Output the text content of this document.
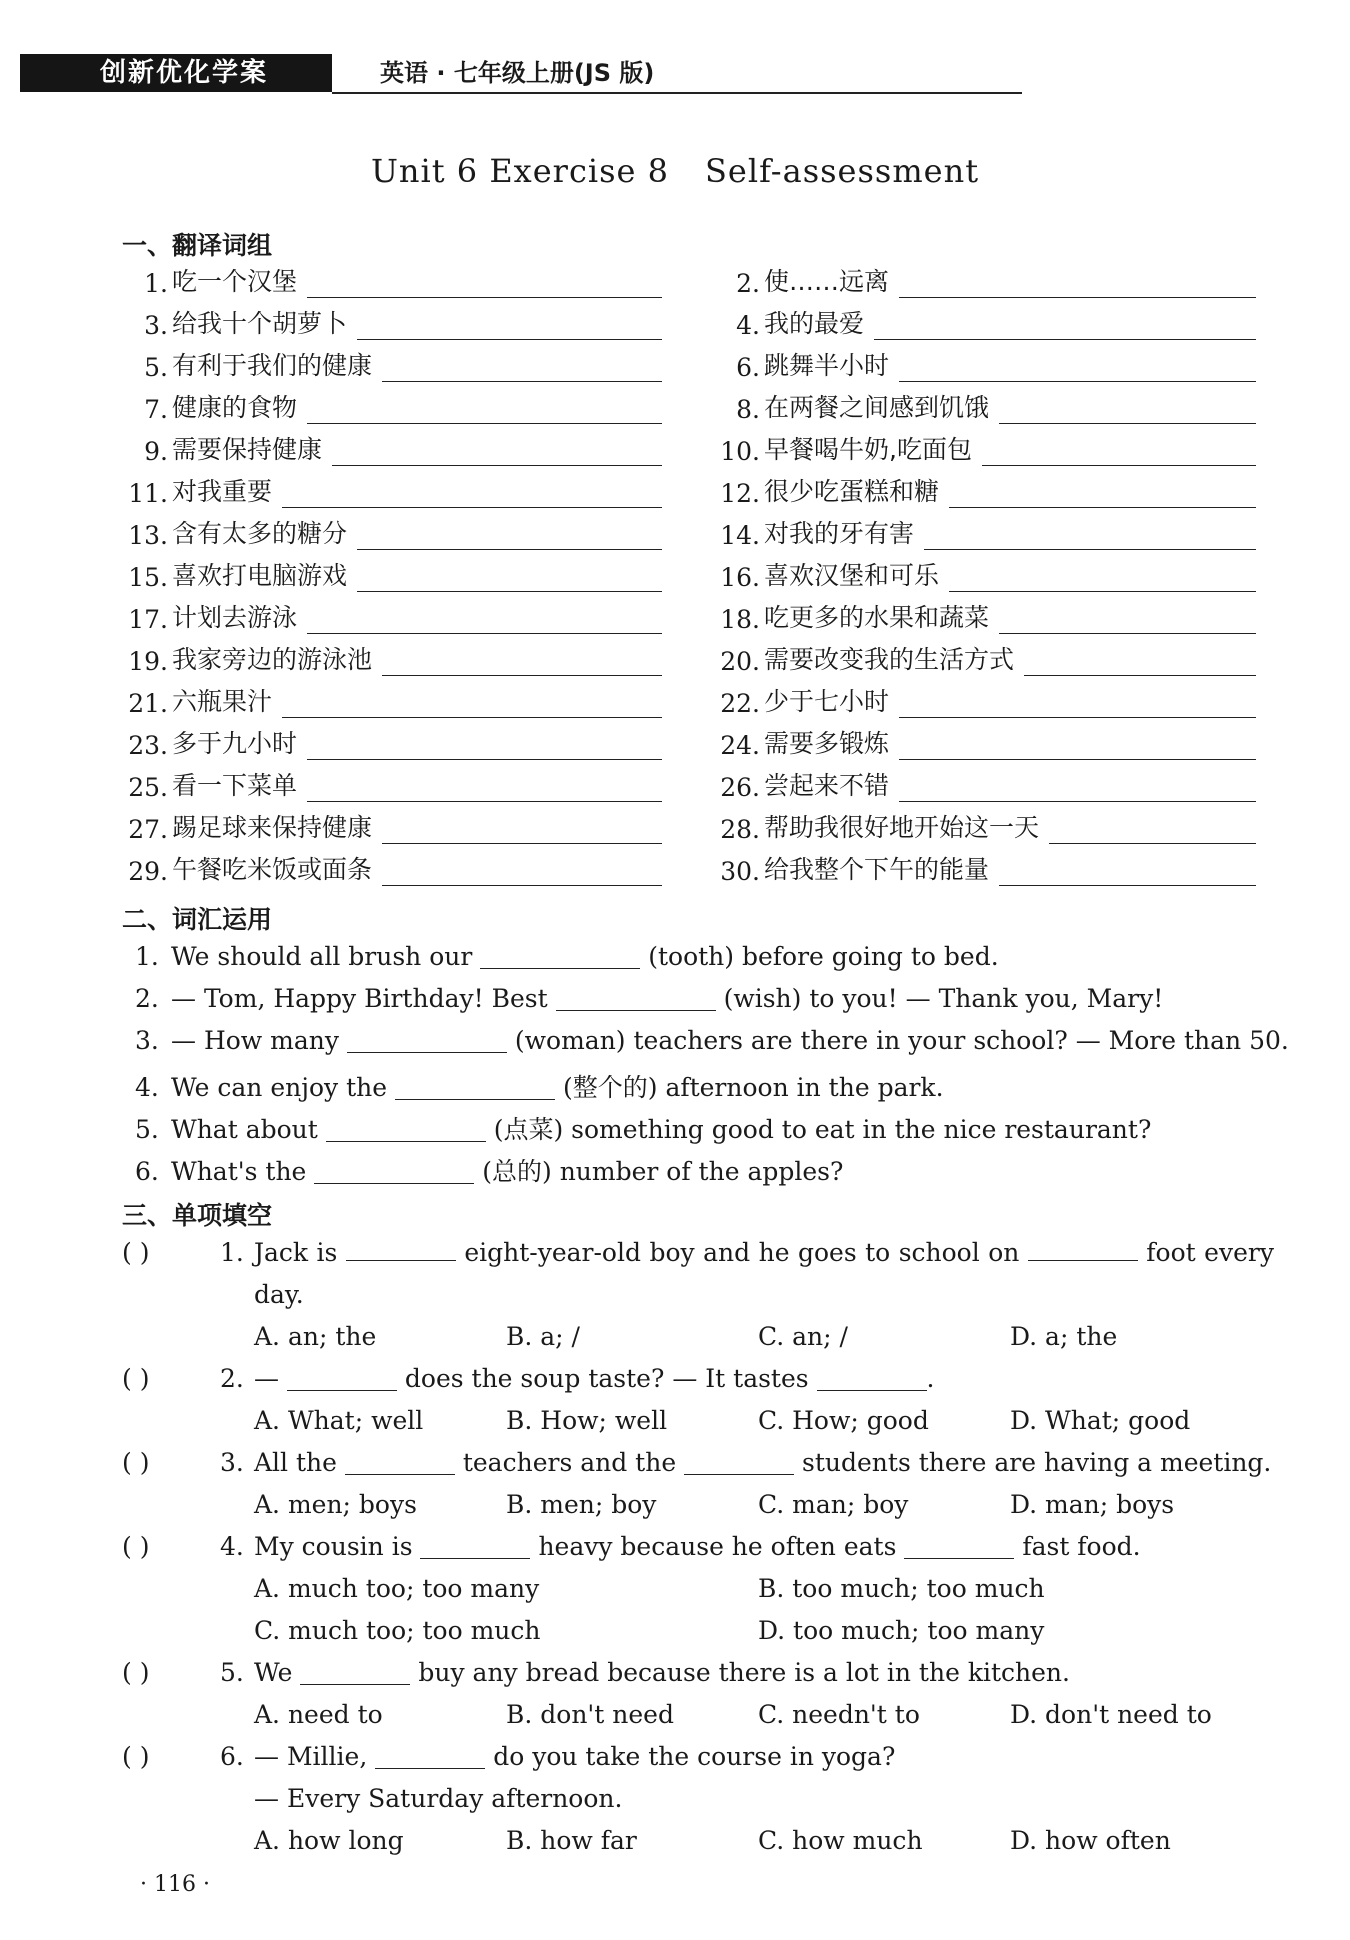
创新优化学案	英语 · 七年级上册(JS 版)
Unit 6 Exercise 8 Self-assessment
一、翻译词组
1. 吃一个汉堡	2. 使……远离
3. 给我十个胡萝卜	4. 我的最爱
5. 有利于我们的健康	6. 跳舞半小时
7. 健康的食物	8. 在两餐之间感到饥饿
9. 需要保持健康	10. 早餐喝牛奶,吃面包
11. 对我重要	12. 很少吃蛋糕和糖
13. 含有太多的糖分	14. 对我的牙有害
15. 喜欢打电脑游戏	16. 喜欢汉堡和可乐
17. 计划去游泳	18. 吃更多的水果和蔬菜
19. 我家旁边的游泳池	20. 需要改变我的生活方式
21. 六瓶果汁	22. 少于七小时
23. 多于九小时	24. 需要多锻炼
25. 看一下菜单	26. 尝起来不错
27. 踢足球来保持健康	28. 帮助我很好地开始这一天
29. 午餐吃米饭或面条	30. 给我整个下午的能量
二、词汇运用
1. We should all brush our	(tooth) before going to bed.
2. — Tom, Happy Birthday! Best	(wish) to you! — Thank you, Mary!
3. — How many	(woman) teachers are there in your school? — More than 50.
4. We can enjoy the	(整个的) afternoon in the park.
5. What about	(点菜) something good to eat in the nice restaurant?
6. What's the	(总的) number of the apples?
三、单项填空
( )	1. Jack is	eight-year-old boy and he goes to school on	foot every
day.
A. an; the	B. a; /	C. an; /	D. a; the
( )	2. —	does the soup taste? — It tastes	.
A. What; well	B. How; well	C. How; good	D. What; good
( )	3. All the	teachers and the	students there are having a meeting.
A. men; boys	B. men; boy	C. man; boy	D. man; boys
( )	4. My cousin is	heavy because he often eats	fast food.
A. much too; too many	B. too much; too much
C. much too; too much	D. too much; too many
( )	5. We	buy any bread because there is a lot in the kitchen.
A. need to	B. don't need	C. needn't to	D. don't need to
( )	6. — Millie,	do you take the course in yoga?
— Every Saturday afternoon.
A. how long	B. how far	C. how much	D. how often
· 116 ·
